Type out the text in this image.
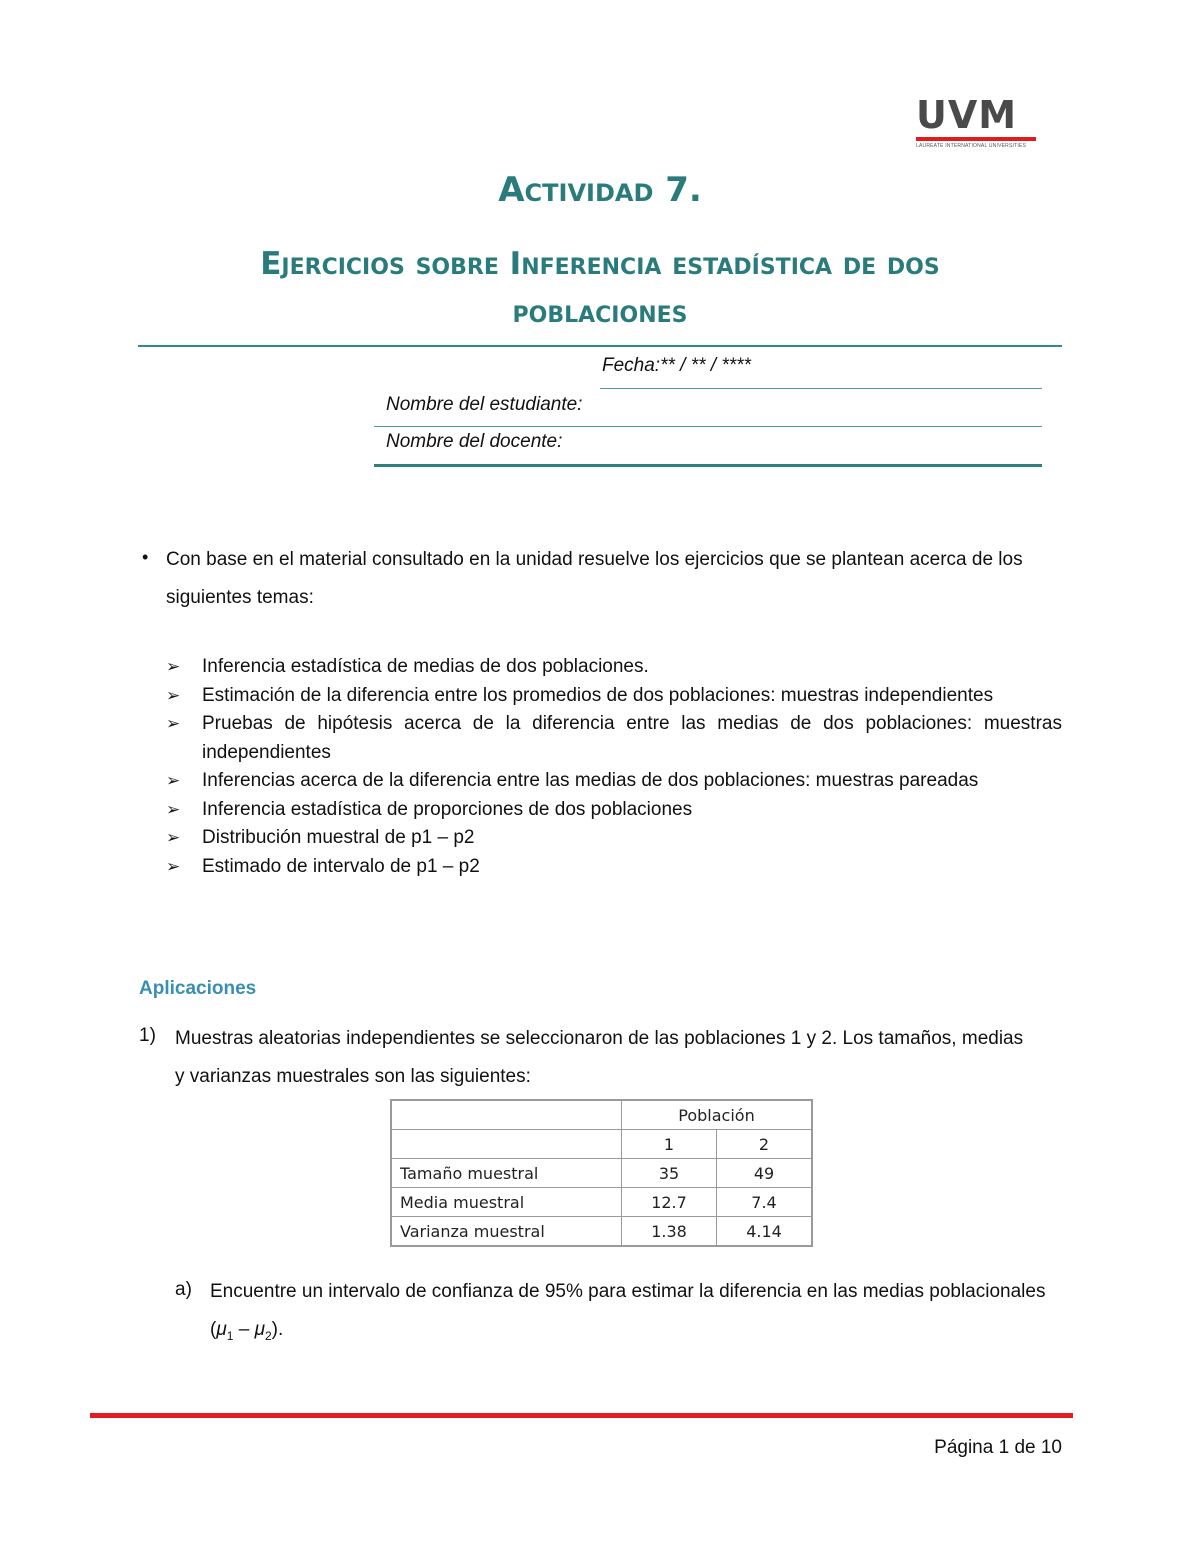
UVM
LAUREATE INTERNATIONAL UNIVERSITIES
Actividad 7.
Ejercicios sobre Inferencia estadística de dos
poblaciones
Fecha:** / ** / ****
Nombre del estudiante:
Nombre del docente:
• Con base en el material consultado en la unidad resuelve los ejercicios que se plantean acerca de los siguientes temas:
➢ Inferencia estadística de medias de dos poblaciones.
➢ Estimación de la diferencia entre los promedios de dos poblaciones: muestras independientes
➢ Pruebas de hipótesis acerca de la diferencia entre las medias de dos poblaciones: muestras independientes
➢ Inferencias acerca de la diferencia entre las medias de dos poblaciones: muestras pareadas
➢ Inferencia estadística de proporciones de dos poblaciones
➢ Distribución muestral de p1 – p2
➢ Estimado de intervalo de p1 – p2
Aplicaciones
1) Muestras aleatorias independientes se seleccionaron de las poblaciones 1 y 2. Los tamaños, medias y varianzas muestrales son las siguientes:
	Población	
	1	2
Tamaño muestral	35	49
Media muestral	12.7	7.4
Varianza muestral	1.38	4.14
a) Encuentre un intervalo de confianza de 95% para estimar la diferencia en las medias poblacionales $(\mu_1 - \mu_2)$.
Página 1 de 10
